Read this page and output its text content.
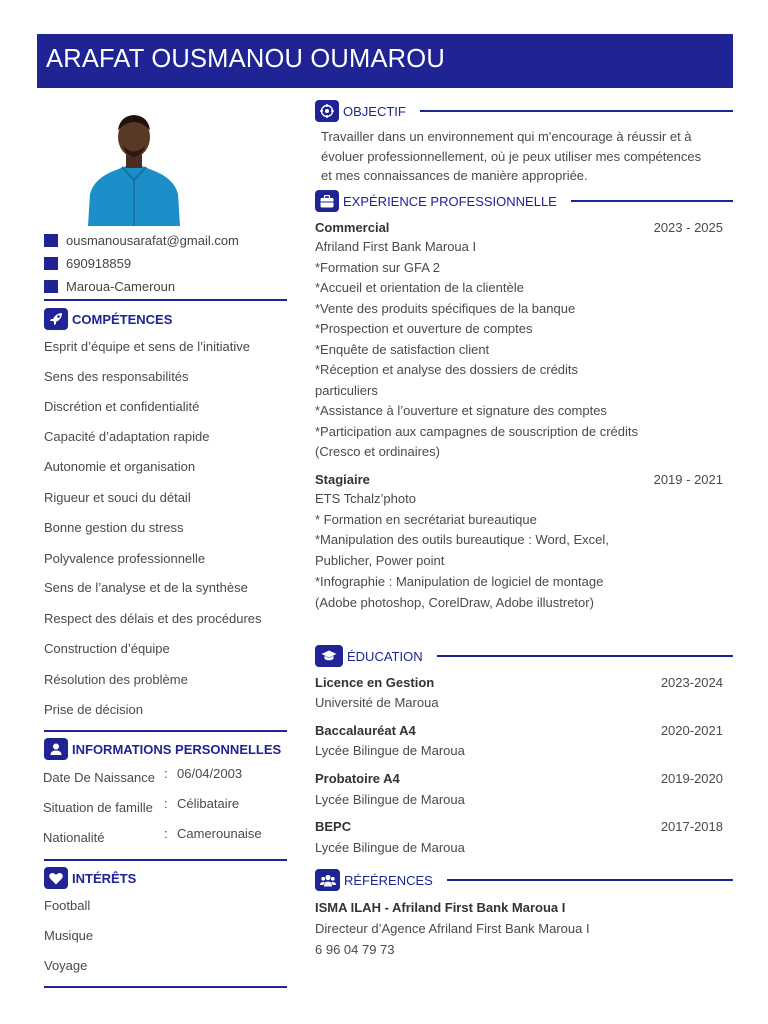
ARAFAT OUSMANOU OUMAROU
ousmanousarafat@gmail.com
690918859
Maroua-Cameroun
COMPÉTENCES
Esprit d’équipe et sens de l’initiative
Sens des responsabilités
Discrétion et confidentialité
Capacité d’adaptation rapide
Autonomie et organisation
Rigueur et souci du détail
Bonne gestion du stress
Polyvalence professionnelle
Sens de l’analyse et de la synthèse
Respect des délais et des procédures
Construction d’équipe
Résolution des problème
Prise de décision
INFORMATIONS PERSONNELLES
Date De Naissance : 06/04/2003
Situation de famille : Célibataire
Nationalité	: Camerounaise
INTÉRÊTS
Football
Musique
Voyage
OBJECTIF
Travailler dans un environnement qui m'encourage à réussir et à
évoluer professionnellement, où je peux utiliser mes compétences
et mes connaissances de manière appropriée.
EXPÉRIENCE PROFESSIONNELLE
Commercial	2023 - 2025
Afriland First Bank Maroua I
*Formation sur GFA 2
*Accueil et orientation de la clientèle
*Vente des produits spécifiques de la banque
*Prospection et ouverture de comptes
*Enquête de satisfaction client
*Réception et analyse des dossiers de crédits
particuliers
*Assistance à l’ouverture et signature des comptes
*Participation aux campagnes de souscription de crédits
(Cresco et ordinaires)
Stagiaire	2019 - 2021
ETS Tchalz’photo
* Formation en secrétariat bureautique
*Manipulation des outils bureautique : Word, Excel,
Publicher, Power point
*Infographie : Manipulation de logiciel de montage
(Adobe photoshop, CorelDraw, Adobe illustretor)
ÉDUCATION
Licence en Gestion	2023-2024
Université de Maroua
Baccalauréat A4	2020-2021
Lycée Bilingue de Maroua
Probatoire A4	2019-2020
Lycée Bilingue de Maroua
BEPC	2017-2018
Lycée Bilingue de Maroua
RÉFÉRENCES
ISMA ILAH - Afriland First Bank Maroua I
Directeur d’Agence Afriland First Bank Maroua I
6 96 04 79 73
